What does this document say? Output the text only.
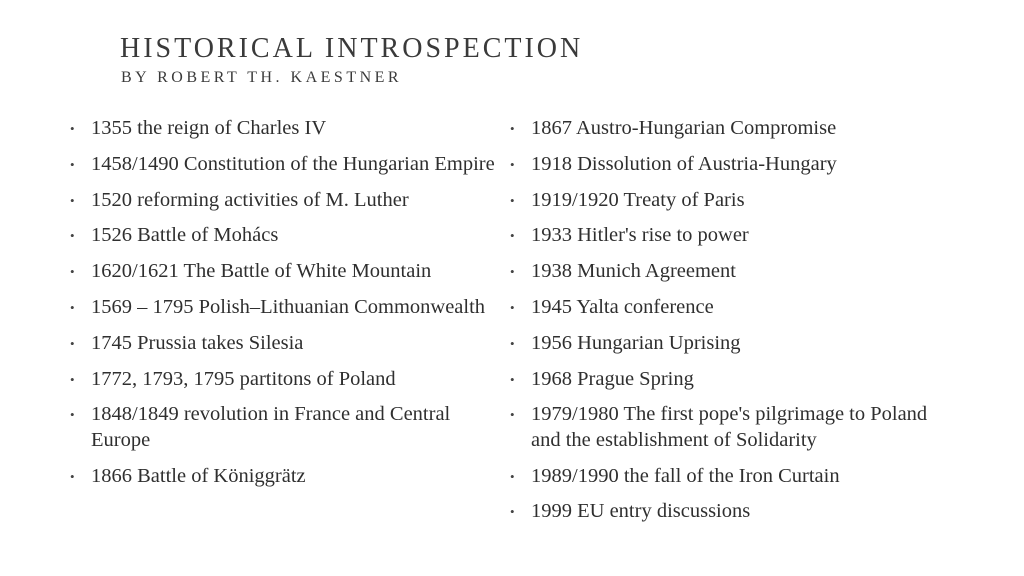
HISTORICAL INTROSPECTION
BY ROBERT TH. KAESTNER
• 1355 the reign of Charles IV
• 1458/1490 Constitution of the Hungarian Empire
• 1520 reforming activities of M. Luther
• 1526 Battle of Mohács
• 1620/1621 The Battle of White Mountain
• 1569 – 1795 Polish–Lithuanian Commonwealth
• 1745 Prussia takes Silesia
• 1772, 1793, 1795 partitons of Poland
• 1848/1849 revolution in France and Central Europe
• 1866 Battle of Königgrätz
• 1867 Austro-Hungarian Compromise
• 1918 Dissolution of Austria-Hungary
• 1919/1920 Treaty of Paris
• 1933 Hitler's rise to power
• 1938 Munich Agreement
• 1945 Yalta conference
• 1956 Hungarian Uprising
• 1968 Prague Spring
• 1979/1980 The first pope's pilgrimage to Poland and the establishment of Solidarity
• 1989/1990 the fall of the Iron Curtain
• 1999 EU entry discussions
